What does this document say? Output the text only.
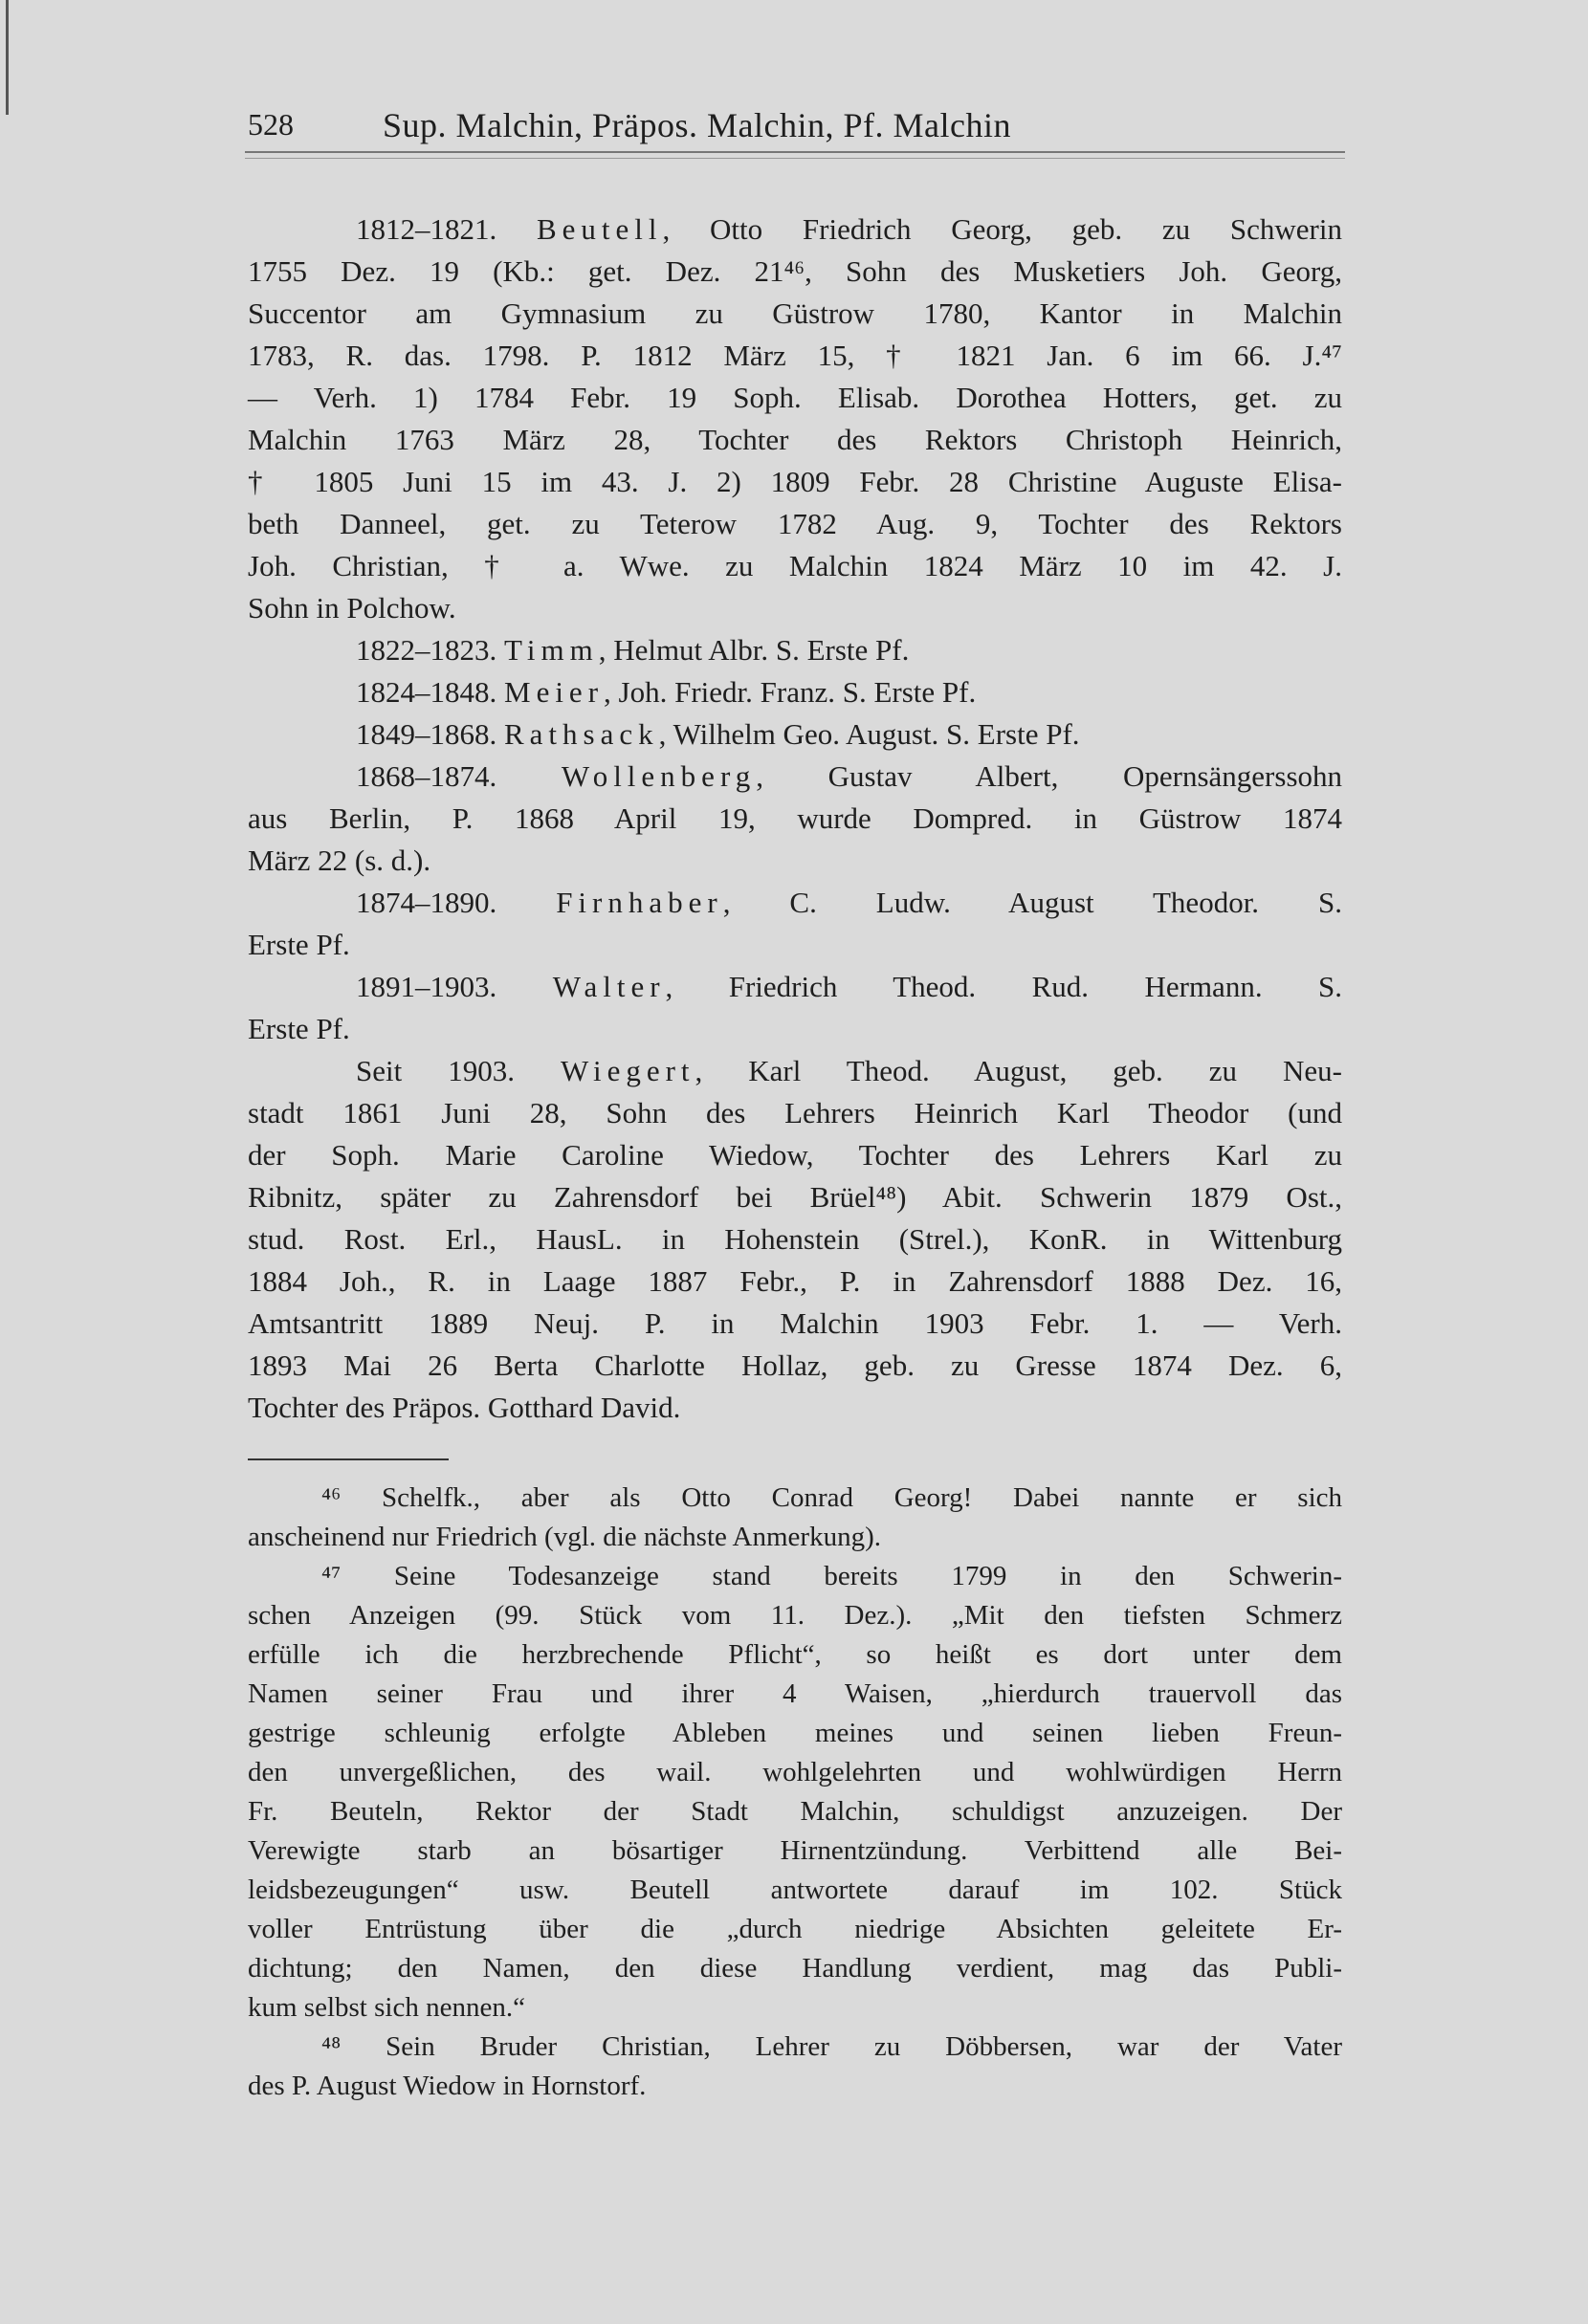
528	Sup. Malchin, Präpos. Malchin, Pf. Malchin
1812–1821. Beutell, Otto Friedrich Georg, geb. zu Schwerin
1755 Dez. 19 (Kb.: get. Dez. 21⁴⁶, Sohn des Musketiers Joh. Georg,
Succentor am Gymnasium zu Güstrow 1780, Kantor in Malchin
1783, R. das. 1798. P. 1812 März 15, † 1821 Jan. 6 im 66. J.⁴⁷
— Verh. 1) 1784 Febr. 19 Soph. Elisab. Dorothea Hotters, get. zu
Malchin 1763 März 28, Tochter des Rektors Christoph Heinrich,
† 1805 Juni 15 im 43. J. 2) 1809 Febr. 28 Christine Auguste Elisa-
beth Danneel, get. zu Teterow 1782 Aug. 9, Tochter des Rektors
Joh. Christian, † a. Wwe. zu Malchin 1824 März 10 im 42. J.
Sohn in Polchow.
1822–1823. Timm, Helmut Albr. S. Erste Pf.
1824–1848. Meier, Joh. Friedr. Franz. S. Erste Pf.
1849–1868. Rathsack, Wilhelm Geo. August. S. Erste Pf.
1868–1874. Wollenberg, Gustav Albert, Opernsängerssohn
aus Berlin, P. 1868 April 19, wurde Dompred. in Güstrow 1874
März 22 (s. d.).
1874–1890. Firnhaber, C. Ludw. August Theodor. S.
Erste Pf.
1891–1903. Walter, Friedrich Theod. Rud. Hermann. S.
Erste Pf.
Seit 1903. Wiegert, Karl Theod. August, geb. zu Neu-
stadt 1861 Juni 28, Sohn des Lehrers Heinrich Karl Theodor (und
der Soph. Marie Caroline Wiedow, Tochter des Lehrers Karl zu
Ribnitz, später zu Zahrensdorf bei Brüel⁴⁸) Abit. Schwerin 1879 Ost.,
stud. Rost. Erl., HausL. in Hohenstein (Strel.), KonR. in Wittenburg
1884 Joh., R. in Laage 1887 Febr., P. in Zahrensdorf 1888 Dez. 16,
Amtsantritt 1889 Neuj. P. in Malchin 1903 Febr. 1. — Verh.
1893 Mai 26 Berta Charlotte Hollaz, geb. zu Gresse 1874 Dez. 6,
Tochter des Präpos. Gotthard David.
⁴⁶ Schelfk., aber als Otto Conrad Georg! Dabei nannte er sich
anscheinend nur Friedrich (vgl. die nächste Anmerkung).
⁴⁷ Seine Todesanzeige stand bereits 1799 in den Schwerin-
schen Anzeigen (99. Stück vom 11. Dez.). „Mit den tiefsten Schmerz
erfülle ich die herzbrechende Pflicht“, so heißt es dort unter dem
Namen seiner Frau und ihrer 4 Waisen, „hierdurch trauervoll das
gestrige schleunig erfolgte Ableben meines und seinen lieben Freun-
den unvergeßlichen, des wail. wohlgelehrten und wohlwürdigen Herrn
Fr. Beuteln, Rektor der Stadt Malchin, schuldigst anzuzeigen. Der
Verewigte starb an bösartiger Hirnentzündung. Verbittend alle Bei-
leidsbezeugungen“ usw. Beutell antwortete darauf im 102. Stück
voller Entrüstung über die „durch niedrige Absichten geleitete Er-
dichtung; den Namen, den diese Handlung verdient, mag das Publi-
kum selbst sich nennen.“
⁴⁸ Sein Bruder Christian, Lehrer zu Döbbersen, war der Vater
des P. August Wiedow in Hornstorf.
